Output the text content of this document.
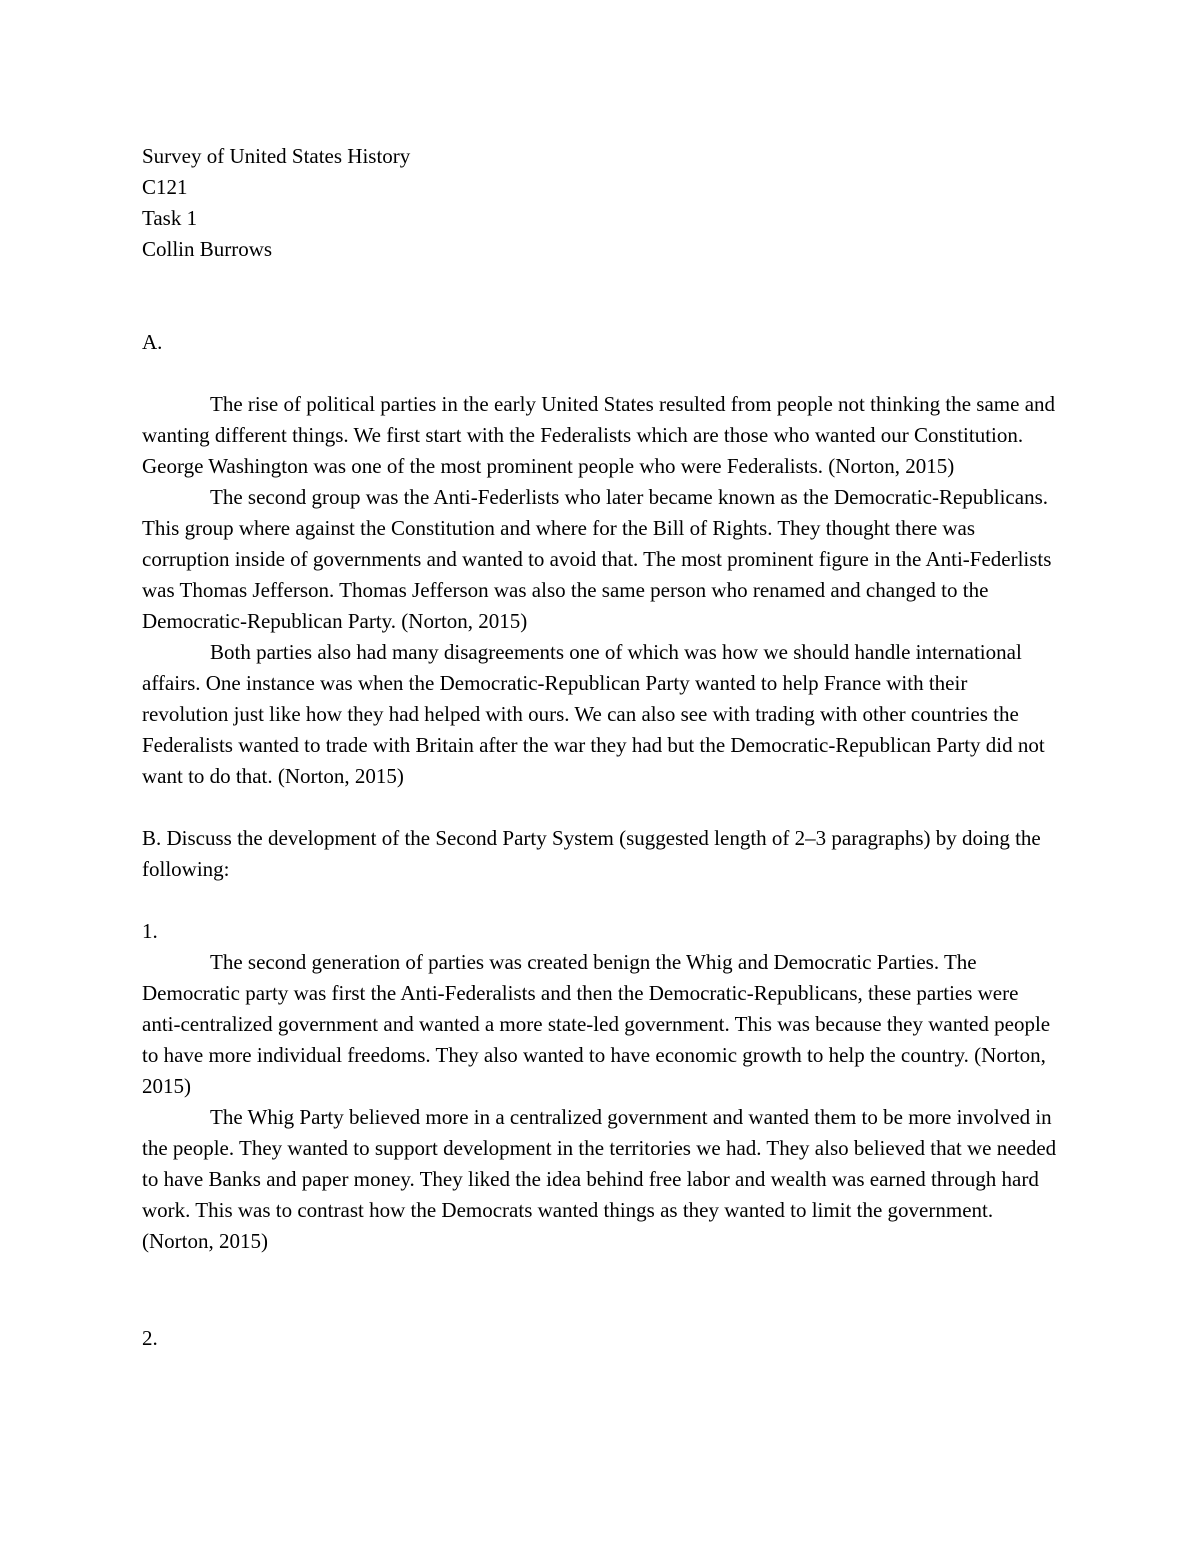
Survey of United States History
C121
Task 1
Collin Burrows

A.

The rise of political parties in the early United States resulted from people not thinking the same and wanting different things. We first start with the Federalists which are those who wanted our Constitution. George Washington was one of the most prominent people who were Federalists. (Norton, 2015)

The second group was the Anti-Federlists who later became known as the Democratic-Republicans. This group where against the Constitution and where for the Bill of Rights. They thought there was corruption inside of governments and wanted to avoid that. The most prominent figure in the Anti-Federlists was Thomas Jefferson. Thomas Jefferson was also the same person who renamed and changed to the Democratic-Republican Party. (Norton, 2015)

Both parties also had many disagreements one of which was how we should handle international affairs. One instance was when the Democratic-Republican Party wanted to help France with their revolution just like how they had helped with ours. We can also see with trading with other countries the Federalists wanted to trade with Britain after the war they had but the Democratic-Republican Party did not want to do that. (Norton, 2015)

B. Discuss the development of the Second Party System (suggested length of 2–3 paragraphs) by doing the following:

1.

The second generation of parties was created benign the Whig and Democratic Parties. The Democratic party was first the Anti-Federalists and then the Democratic-Republicans, these parties were anti-centralized government and wanted a more state-led government. This was because they wanted people to have more individual freedoms. They also wanted to have economic growth to help the country. (Norton, 2015)

The Whig Party believed more in a centralized government and wanted them to be more involved in the people. They wanted to support development in the territories we had. They also believed that we needed to have Banks and paper money. They liked the idea behind free labor and wealth was earned through hard work. This was to contrast how the Democrats wanted things as they wanted to limit the government. (Norton, 2015)

2.
